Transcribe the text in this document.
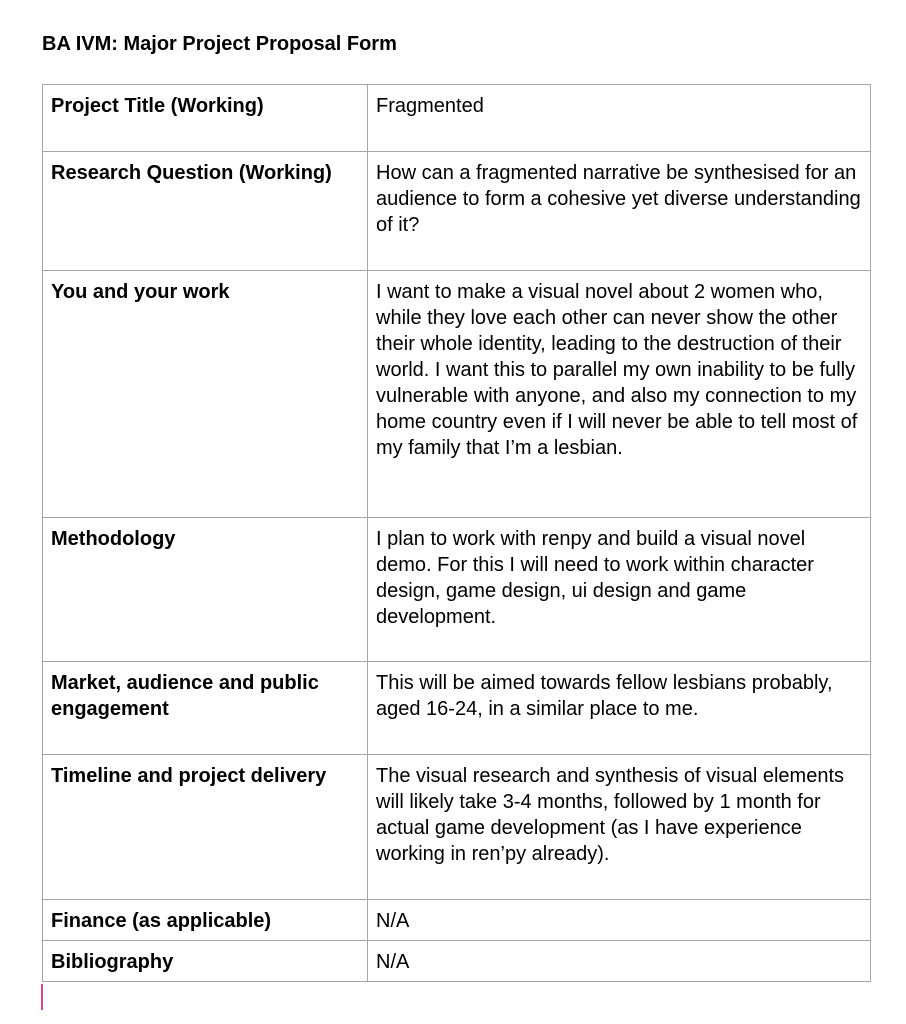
BA IVM: Major Project Proposal Form
Project Title (Working)	Fragmented
Research Question (Working)	How can a fragmented narrative be synthesised for an audience to form a cohesive yet diverse understanding of it?
You and your work	I want to make a visual novel about 2 women who, while they love each other can never show the other their whole identity, leading to the destruction of their world. I want this to parallel my own inability to be fully vulnerable with anyone, and also my connection to my home country even if I will never be able to tell most of my family that I’m a lesbian.
Methodology	I plan to work with renpy and build a visual novel demo. For this I will need to work within character design, game design, ui design and game development.
Market, audience and public engagement	This will be aimed towards fellow lesbians probably, aged 16-24, in a similar place to me.
Timeline and project delivery	The visual research and synthesis of visual elements will likely take 3-4 months, followed by 1 month for actual game development (as I have experience working in ren’py already).
Finance (as applicable)	N/A
Bibliography	N/A
